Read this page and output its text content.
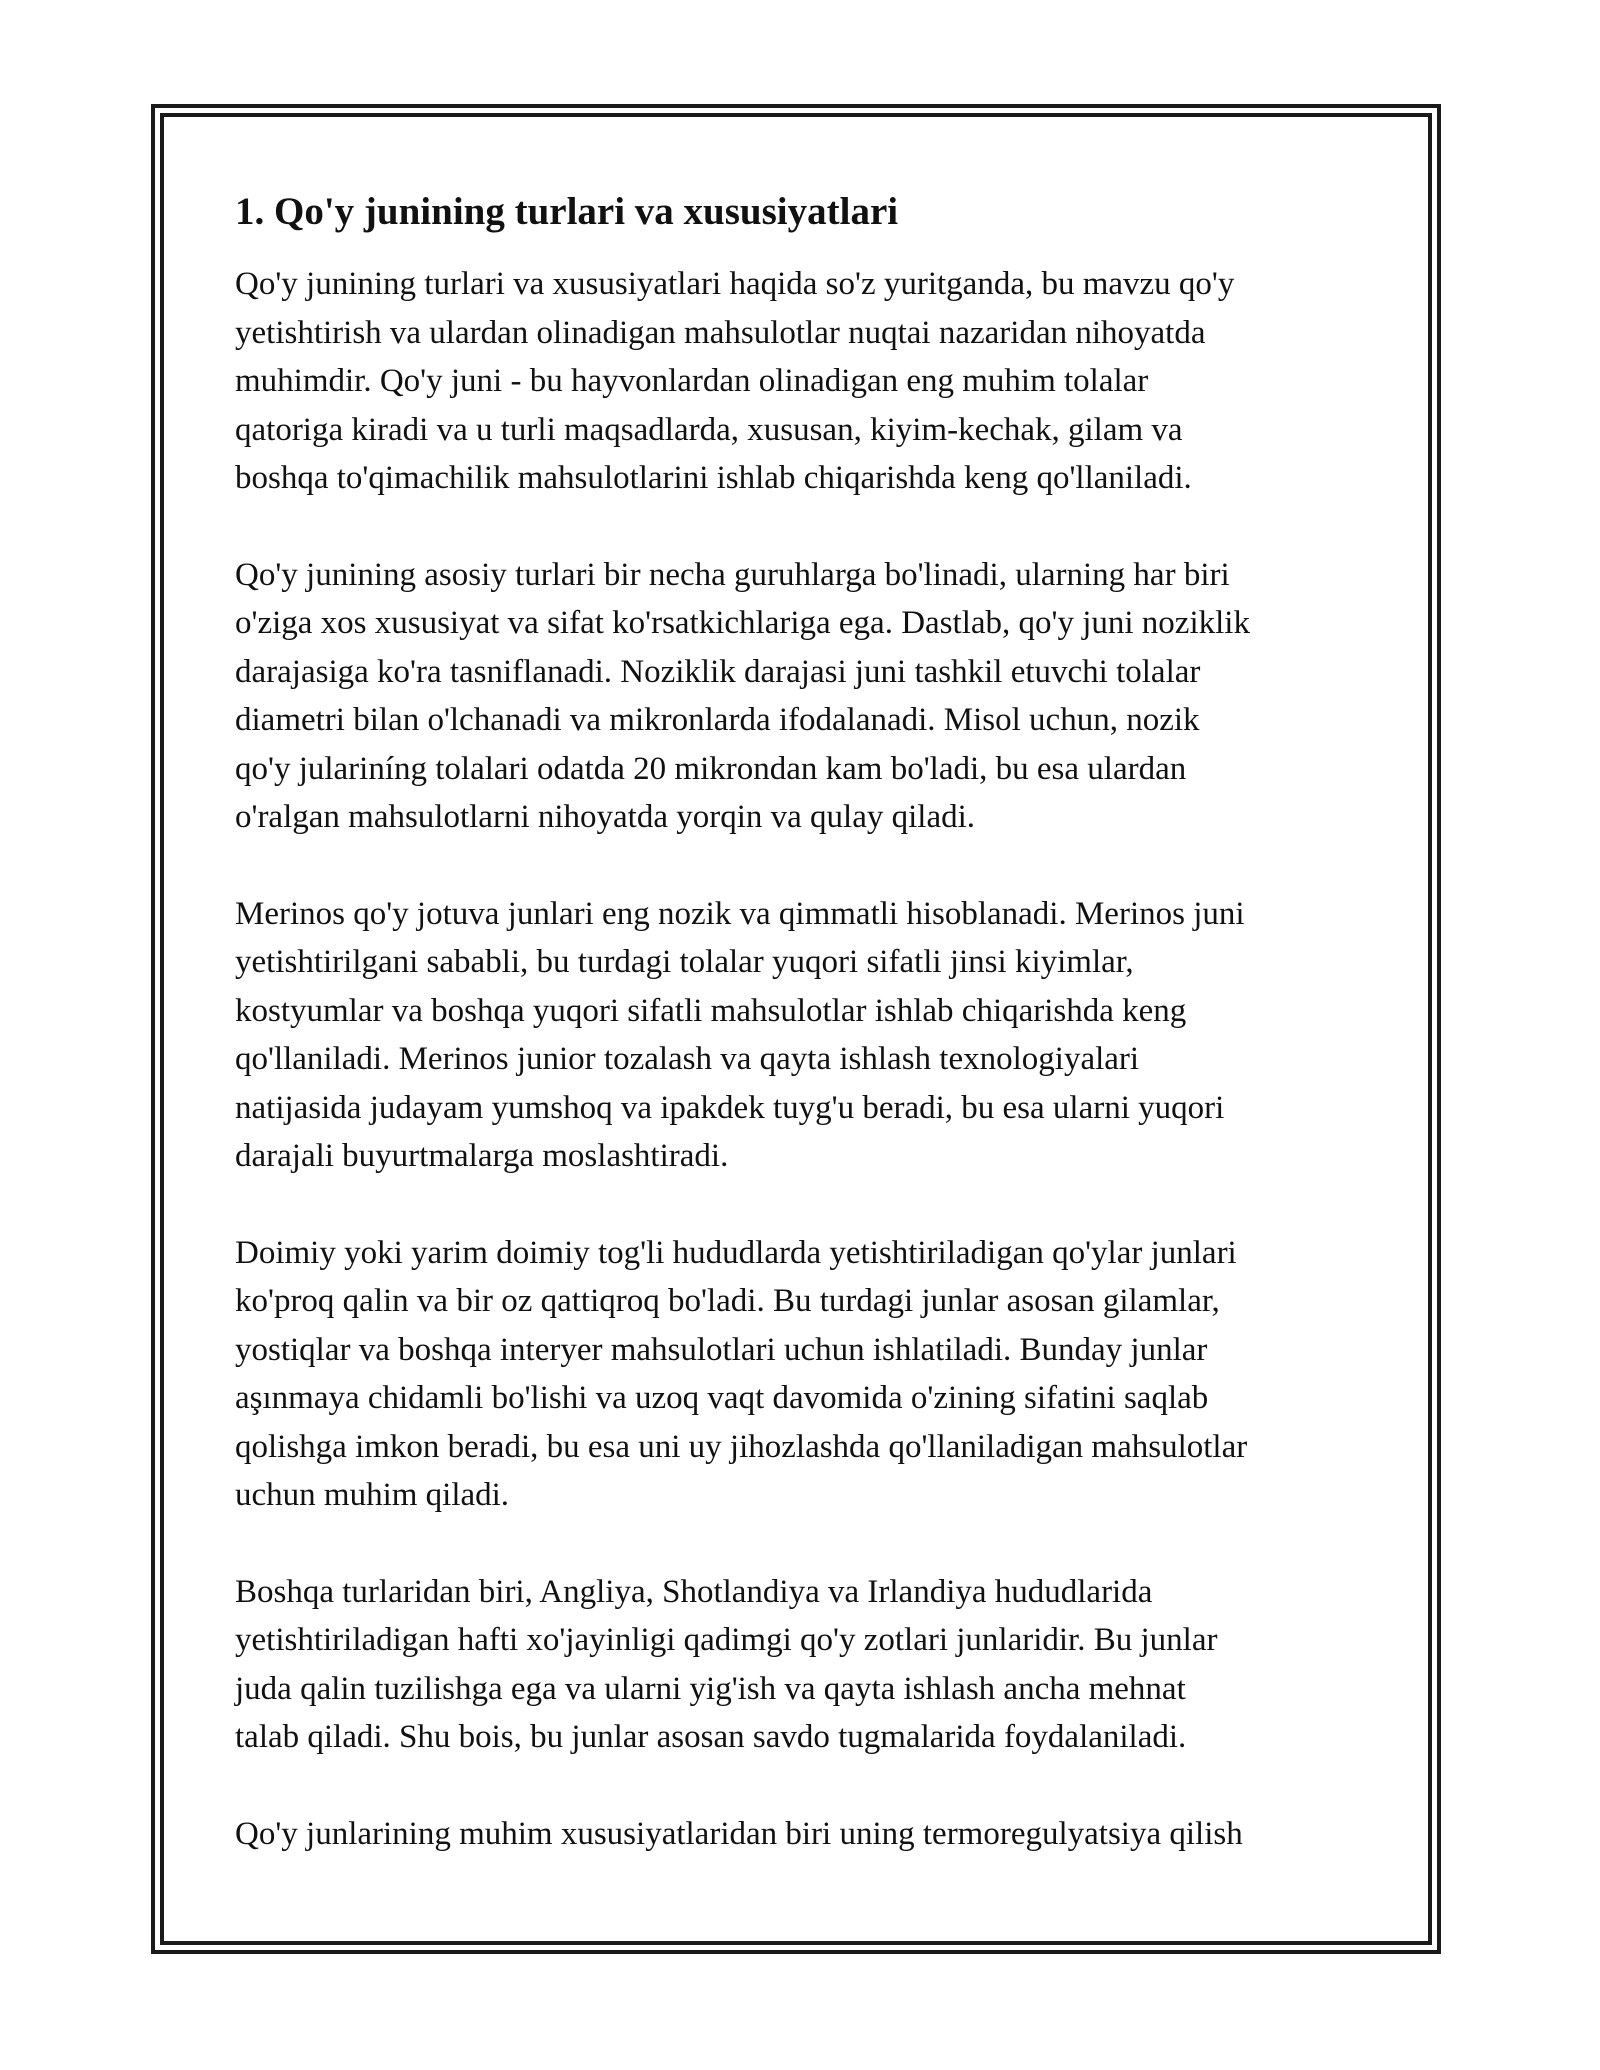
1. Qo'y junining turlari va xususiyatlari

Qo'y junining turlari va xususiyatlari haqida so'z yuritganda, bu mavzu qo'y
yetishtirish va ulardan olinadigan mahsulotlar nuqtai nazaridan nihoyatda
muhimdir. Qo'y juni - bu hayvonlardan olinadigan eng muhim tolalar
qatoriga kiradi va u turli maqsadlarda, xususan, kiyim-kechak, gilam va
boshqa to'qimachilik mahsulotlarini ishlab chiqarishda keng qo'llaniladi.

Qo'y junining asosiy turlari bir necha guruhlarga bo'linadi, ularning har biri
o'ziga xos xususiyat va sifat ko'rsatkichlariga ega. Dastlab, qo'y juni noziklik
darajasiga ko'ra tasniflanadi. Noziklik darajasi juni tashkil etuvchi tolalar
diametri bilan o'lchanadi va mikronlarda ifodalanadi. Misol uchun, nozik
qo'y julariníng tolalari odatda 20 mikrondan kam bo'ladi, bu esa ulardan
o'ralgan mahsulotlarni nihoyatda yorqin va qulay qiladi.

Merinos qo'y jotuva junlari eng nozik va qimmatli hisoblanadi. Merinos juni
yetishtirilgani sababli, bu turdagi tolalar yuqori sifatli jinsi kiyimlar,
kostyumlar va boshqa yuqori sifatli mahsulotlar ishlab chiqarishda keng
qo'llaniladi. Merinos junior tozalash va qayta ishlash texnologiyalari
natijasida judayam yumshoq va ipakdek tuyg'u beradi, bu esa ularni yuqori
darajali buyurtmalarga moslashtiradi.

Doimiy yoki yarim doimiy tog'li hududlarda yetishtiriladigan qo'ylar junlari
ko'proq qalin va bir oz qattiqroq bo'ladi. Bu turdagi junlar asosan gilamlar,
yostiqlar va boshqa interyer mahsulotlari uchun ishlatiladi. Bunday junlar
aşınmaya chidamli bo'lishi va uzoq vaqt davomida o'zining sifatini saqlab
qolishga imkon beradi, bu esa uni uy jihozlashda qo'llaniladigan mahsulotlar
uchun muhim qiladi.

Boshqa turlaridan biri, Angliya, Shotlandiya va Irlandiya hududlarida
yetishtiriladigan hafti xo'jayinligi qadimgi qo'y zotlari junlaridir. Bu junlar
juda qalin tuzilishga ega va ularni yig'ish va qayta ishlash ancha mehnat
talab qiladi. Shu bois, bu junlar asosan savdo tugmalarida foydalaniladi.

Qo'y junlarining muhim xususiyatlaridan biri uning termoregulyatsiya qilish
